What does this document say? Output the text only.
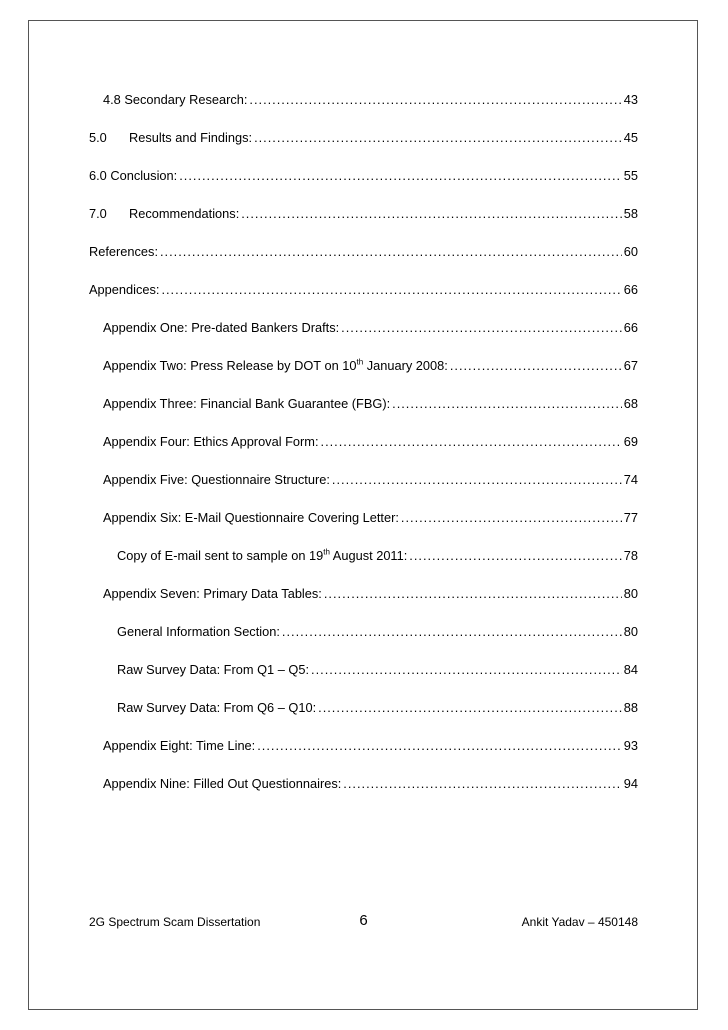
4.8 Secondary Research: .....	43
5.0	Results and Findings: .....	45
6.0 Conclusion: .....	55
7.0	Recommendations: .....	58
References: .....	60
Appendices: .....	66
Appendix One: Pre-dated Bankers Drafts: .....	66
Appendix Two: Press Release by DOT on 10th January 2008: .....	67
Appendix Three: Financial Bank Guarantee (FBG): .....	68
Appendix Four: Ethics Approval Form: .....	69
Appendix Five: Questionnaire Structure: .....	74
Appendix Six: E-Mail Questionnaire Covering Letter: .....	77
Copy of E-mail sent to sample on 19th August 2011: .....	78
Appendix Seven: Primary Data Tables: .....	80
General Information Section: .....	80
Raw Survey Data: From Q1 – Q5: .....	84
Raw Survey Data: From Q6 – Q10: .....	88
Appendix Eight: Time Line: .....	93
Appendix Nine: Filled Out Questionnaires: .....	94
2G Spectrum Scam Dissertation	6	Ankit Yadav – 450148
